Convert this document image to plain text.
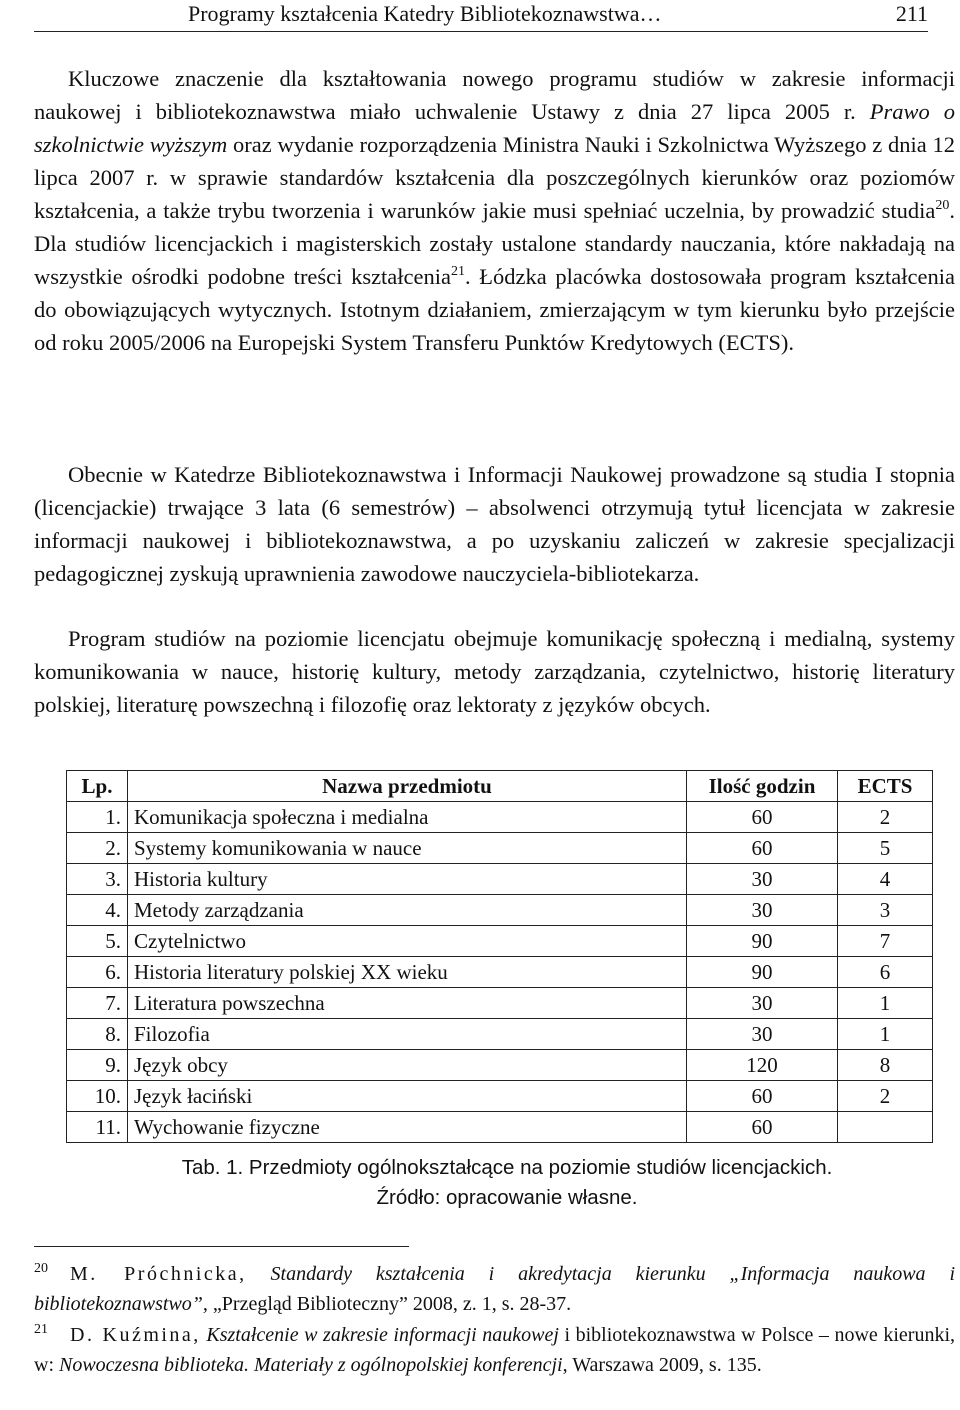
Programy kształcenia Katedry Bibliotekoznawstwa…	211
Kluczowe znaczenie dla kształtowania nowego programu studiów w zakresie informacji naukowej i bibliotekoznawstwa miało uchwalenie Ustawy z dnia 27 lipca 2005 r. Prawo o szkolnictwie wyższym oraz wydanie rozporządzenia Ministra Nauki i Szkolnictwa Wyższego z dnia 12 lipca 2007 r. w sprawie standardów kształcenia dla poszczególnych kierunków oraz poziomów kształcenia, a także trybu tworzenia i warunków jakie musi spełniać uczelnia, by prowadzić studia$^{20}$. Dla studiów licencjackich i magisterskich zostały ustalone standardy nauczania, które nakładają na wszystkie ośrodki podobne treści kształcenia$^{21}$. Łódzka placówka dostosowała program kształcenia do obowiązujących wytycznych. Istotnym działaniem, zmierzającym w tym kierunku było przejście od roku 2005/2006 na Europejski System Transferu Punktów Kredytowych (ECTS).
Obecnie w Katedrze Bibliotekoznawstwa i Informacji Naukowej prowadzone są studia I stopnia (licencjackie) trwające 3 lata (6 semestrów) – absolwenci otrzymują tytuł licencjata w zakresie informacji naukowej i bibliotekoznawstwa, a po uzyskaniu zaliczeń w zakresie specjalizacji pedagogicznej zyskują uprawnienia zawodowe nauczyciela-bibliotekarza.
Program studiów na poziomie licencjatu obejmuje komunikację społeczną i medialną, systemy komunikowania w nauce, historię kultury, metody zarządzania, czytelnictwo, historię literatury polskiej, literaturę powszechną i filozofię oraz lektoraty z języków obcych.
Lp.	Nazwa przedmiotu	Ilość godzin	ECTS
1.	Komunikacja społeczna i medialna	60	2
2.	Systemy komunikowania w nauce	60	5
3.	Historia kultury	30	4
4.	Metody zarządzania	30	3
5.	Czytelnictwo	90	7
6.	Historia literatury polskiej XX wieku	90	6
7.	Literatura powszechna	30	1
8.	Filozofia	30	1
9.	Język obcy	120	8
10.	Język łaciński	60	2
11.	Wychowanie fizyczne	60	
Tab. 1. Przedmioty ogólnokształcące na poziomie studiów licencjackich.
Źródło: opracowanie własne.
$^{20}$ M. Próchnicka, Standardy kształcenia i akredytacja kierunku „Informacja naukowa i bibliotekoznawstwo”, „Przegląd Biblioteczny” 2008, z. 1, s. 28-37.
$^{21}$ D. Kuźmina, Kształcenie w zakresie informacji naukowej i bibliotekoznawstwa w Polsce – nowe kierunki, w: Nowoczesna biblioteka. Materiały z ogólnopolskiej konferencji, Warszawa 2009, s. 135.
